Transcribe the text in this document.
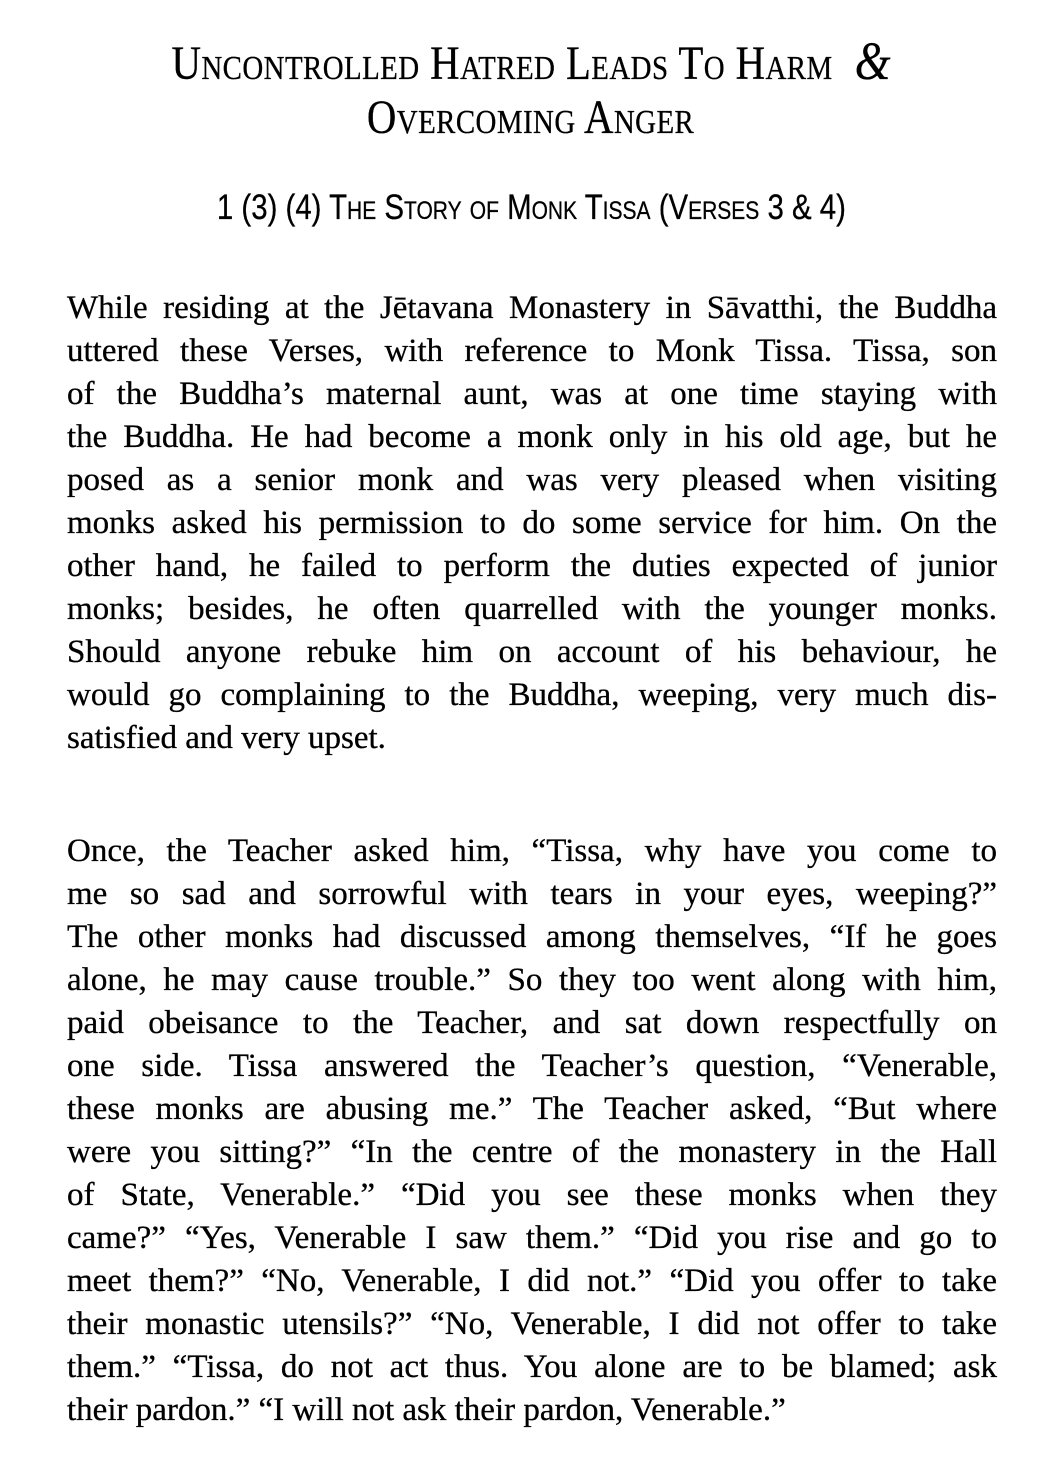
Uncontrolled Hatred Leads To Harm &
Overcoming Anger
1 (3) (4) The Story of Monk Tissa (Verses 3 & 4)
While residing at the Jētavana Monastery in Sāvatthi, the Buddha
uttered these Verses, with reference to Monk Tissa. Tissa, son
of the Buddha’s maternal aunt, was at one time staying with
the Buddha. He had become a monk only in his old age, but he
posed as a senior monk and was very pleased when visiting
monks asked his permission to do some service for him. On the
other hand, he failed to perform the duties expected of junior
monks; besides, he often quarrelled with the younger monks.
Should anyone rebuke him on account of his behaviour, he
would go complaining to the Buddha, weeping, very much dis-
satisfied and very upset.
Once, the Teacher asked him, “Tissa, why have you come to
me so sad and sorrowful with tears in your eyes, weeping?”
The other monks had discussed among themselves, “If he goes
alone, he may cause trouble.” So they too went along with him,
paid obeisance to the Teacher, and sat down respectfully on
one side. Tissa answered the Teacher’s question, “Venerable,
these monks are abusing me.” The Teacher asked, “But where
were you sitting?” “In the centre of the monastery in the Hall
of State, Venerable.” “Did you see these monks when they
came?” “Yes, Venerable I saw them.” “Did you rise and go to
meet them?” “No, Venerable, I did not.” “Did you offer to take
their monastic utensils?” “No, Venerable, I did not offer to take
them.” “Tissa, do not act thus. You alone are to be blamed; ask
their pardon.” “I will not ask their pardon, Venerable.”
